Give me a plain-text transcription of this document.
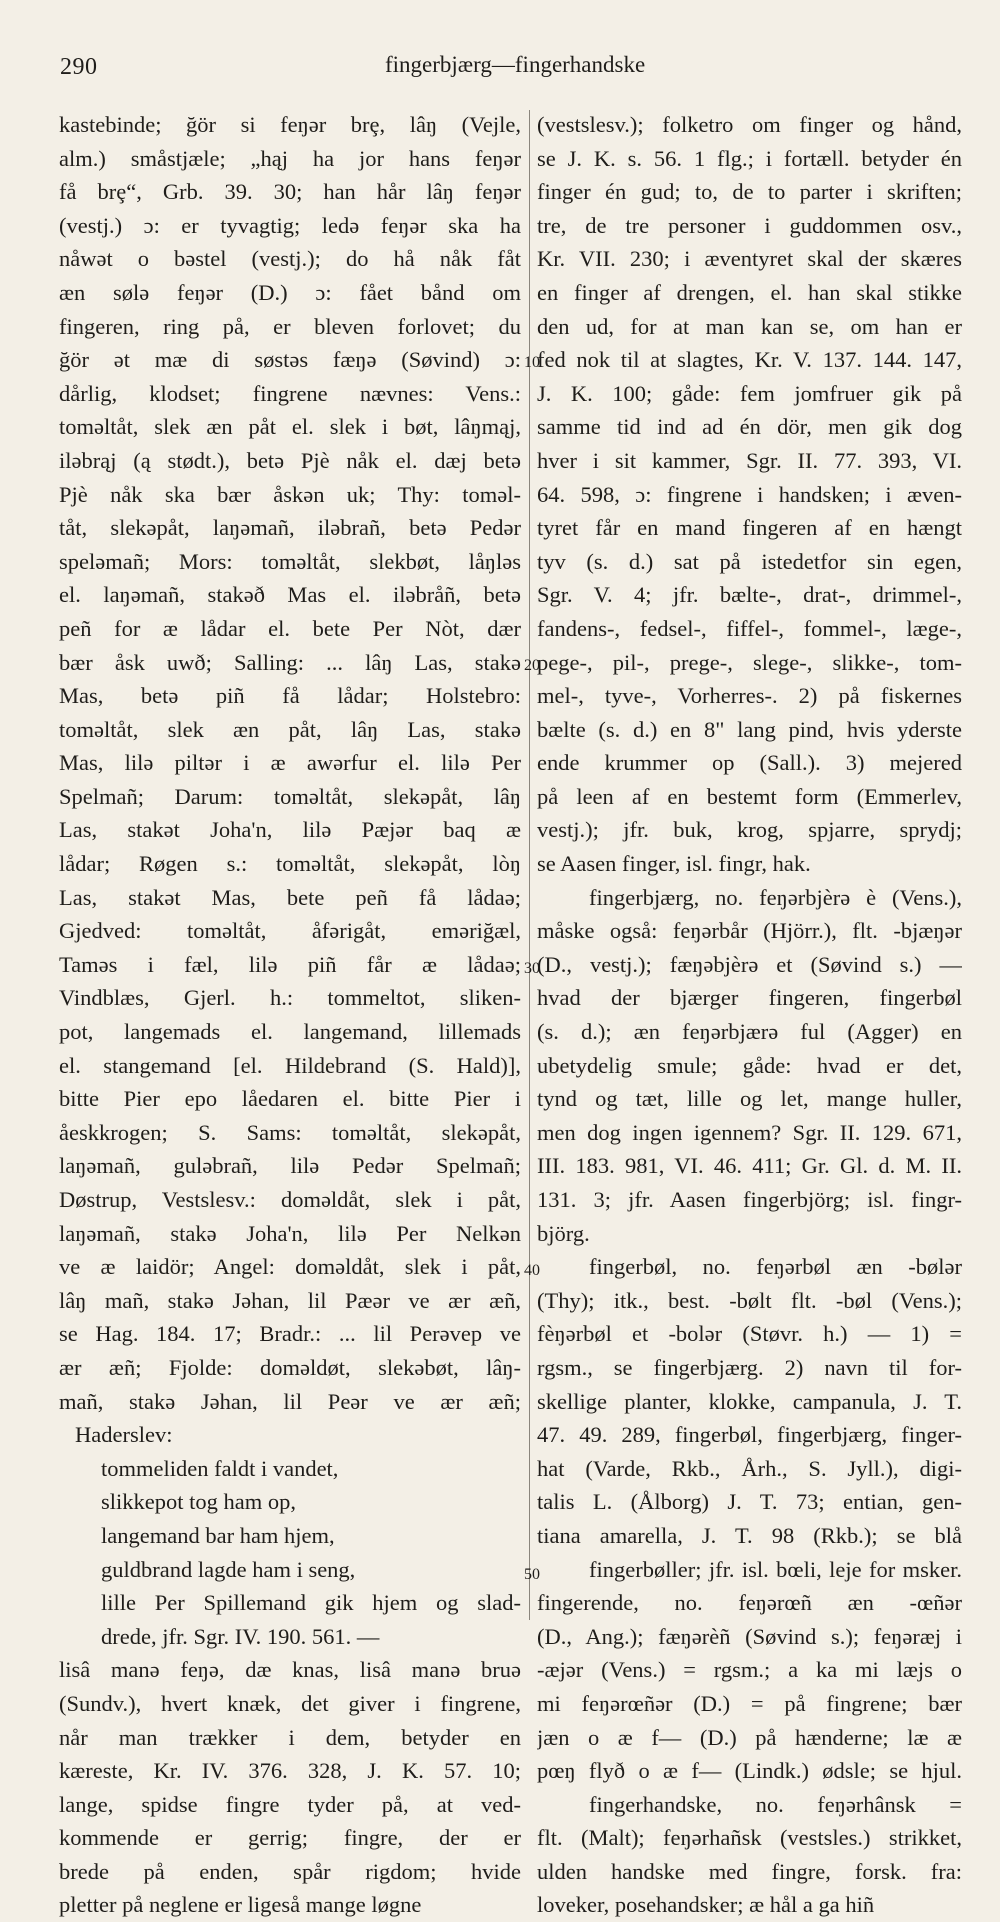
290	fingerbjærg—fingerhandske
kastebinde; ğör si feŋər brȩ, lâŋ (Vejle,
alm.) småstjæle; „hąj ha jor hans feŋər
få brȩ“, Grb. 39. 30; han hår lâŋ feŋər
(vestj.) ɔ: er tyvagtig; ledə feŋər ska ha
nåwət o bəstel (vestj.); do hå nåk fåt
æn sølə feŋər (D.) ɔ: fået bånd om
fingeren, ring på, er bleven forlovet; du
ğör ət mæ di søstəs fæŋə (Søvind) ɔ:
dårlig, klodset; fingrene nævnes: Vens.:
toməltåt, slek æn påt el. slek i bøt, lâŋmąj,
iləbrąj (ą stødt.), betə Pjè nåk el. dæj betə
Pjè nåk ska bær åskən uk; Thy: toməl-
tåt, slekəpåt, laŋəmañ, iləbrañ, betə Pedər
speləmañ; Mors: toməltåt, slekbøt, låŋləs
el. laŋəmañ, stakəð Mas el. iləbråñ, betə
peñ for æ lådar el. bete Per Nòt, dær
bær åsk uwð; Salling: ... lâŋ Las, stakə
Mas, betə piñ få lådar; Holstebro:
toməltåt, slek æn påt, lâŋ Las, stakə
Mas, lilə piltər i æ awərfur el. lilə Per
Spelmañ; Darum: toməltåt, slekəpåt, lâŋ
Las, stakət Joha'n, lilə Pæjər baq æ
lådar; Røgen s.: toməltåt, slekəpåt, lòŋ
Las, stakət Mas, bete peñ få lådaə;
Gjedved: toməltåt, åfərigåt, eməriğæl,
Taməs i fæl, lilə piñ får æ lådaə;
Vindblæs, Gjerl. h.: tommeltot, sliken-
pot, langemads el. langemand, lillemads
el. stangemand [el. Hildebrand (S. Hald)],
bitte Pier epo låedaren el. bitte Pier i
åeskkrogen; S. Sams: toməltåt, slekəpåt,
laŋəmañ, guləbrañ, lilə Pedər Spelmañ;
Døstrup, Vestslesv.: doməldåt, slek i påt,
laŋəmañ, stakə Joha'n, lilə Per Nelkən
ve æ laidör; Angel: doməldåt, slek i påt,
lâŋ mañ, stakə Jəhan, lil Pæər ve ær æñ,
se Hag. 184. 17; Bradr.: ... lil Perəvep ve
ær æñ; Fjolde: doməldøt, slekəbøt, lâŋ-
mañ, stakə Jəhan, lil Peər ve ær æñ;
Haderslev:
tommeliden faldt i vandet,
slikkepot tog ham op,
langemand bar ham hjem,
guldbrand lagde ham i seng,
lille Per Spillemand gik hjem og slad-
drede, jfr. Sgr. IV. 190. 561. —
lisâ manə feŋə, dæ knas, lisâ manə bruə
(Sundv.), hvert knæk, det giver i fingrene,
når man trækker i dem, betyder en
kæreste, Kr. IV. 376. 328, J. K. 57. 10;
lange, spidse fingre tyder på, at ved-
kommende er gerrig; fingre, der er
brede på enden, spår rigdom; hvide
pletter på neglene er ligeså mange løgne
(vestslesv.); folketro om finger og hånd,
se J. K. s. 56. 1 flg.; i fortæll. betyder én
finger én gud; to, de to parter i skriften;
tre, de tre personer i guddommen osv.,
Kr. VII. 230; i æventyret skal der skæres
en finger af drengen, el. han skal stikke
den ud, for at man kan se, om han er
fed nok til at slagtes, Kr. V. 137. 144. 147,
J. K. 100; gåde: fem jomfruer gik på
samme tid ind ad én dör, men gik dog
hver i sit kammer, Sgr. II. 77. 393, VI.
64. 598, ɔ: fingrene i handsken; i æven-
tyret får en mand fingeren af en hængt
tyv (s. d.) sat på istedetfor sin egen,
Sgr. V. 4; jfr. bælte-, drat-, drimmel-,
fandens-, fedsel-, fiffel-, fommel-, læge-,
pege-, pil-, prege-, slege-, slikke-, tom-
mel-, tyve-, Vorherres-. 2) på fiskernes
bælte (s. d.) en 8" lang pind, hvis yderste
ende krummer op (Sall.). 3) mejered
på leen af en bestemt form (Emmerlev,
vestj.); jfr. buk, krog, spjarre, sprydj;
se Aasen finger, isl. fingr, hak.
fingerbjærg, no. feŋərbjèrə è (Vens.),
måske også: feŋərbår (Hjörr.), flt. -bjæŋər
(D., vestj.); fæŋəbjèrə et (Søvind s.) —
hvad der bjærger fingeren, fingerbøl
(s. d.); æn feŋərbjærə ful (Agger) en
ubetydelig smule; gåde: hvad er det,
tynd og tæt, lille og let, mange huller,
men dog ingen igennem? Sgr. II. 129. 671,
III. 183. 981, VI. 46. 411; Gr. Gl. d. M. II.
131. 3; jfr. Aasen fingerbjörg; isl. fingr-
björg.
fingerbøl, no. feŋərbøl æn -bølər
(Thy); itk., best. -bølt flt. -bøl (Vens.);
fèŋərbøl et -bolər (Støvr. h.) — 1) =
rgsm., se fingerbjærg. 2) navn til for-
skellige planter, klokke, campanula, J. T.
47. 49. 289, fingerbøl, fingerbjærg, finger-
hat (Varde, Rkb., Årh., S. Jyll.), digi-
talis L. (Ålborg) J. T. 73; entian, gen-
tiana amarella, J. T. 98 (Rkb.); se blå
fingerbøller; jfr. isl. bœli, leje for msker.
fingerende, no. feŋərœñ æn -œñər
(D., Ang.); fæŋərèñ (Søvind s.); feŋəræj i
-æjər (Vens.) = rgsm.; a ka mi læjs o
mi feŋərœñər (D.) = på fingrene; bær
jæn o æ f— (D.) på hænderne; læ æ
pœŋ flyð o æ f— (Lindk.) ødsle; se hjul.
fingerhandske, no. feŋərhânsk =
flt. (Malt); feŋərhañsk (vestsles.) strikket,
ulden handske med fingre, forsk. fra:
loveker, posehandsker; æ hål a ga hiñ
10
20
30
40
50
